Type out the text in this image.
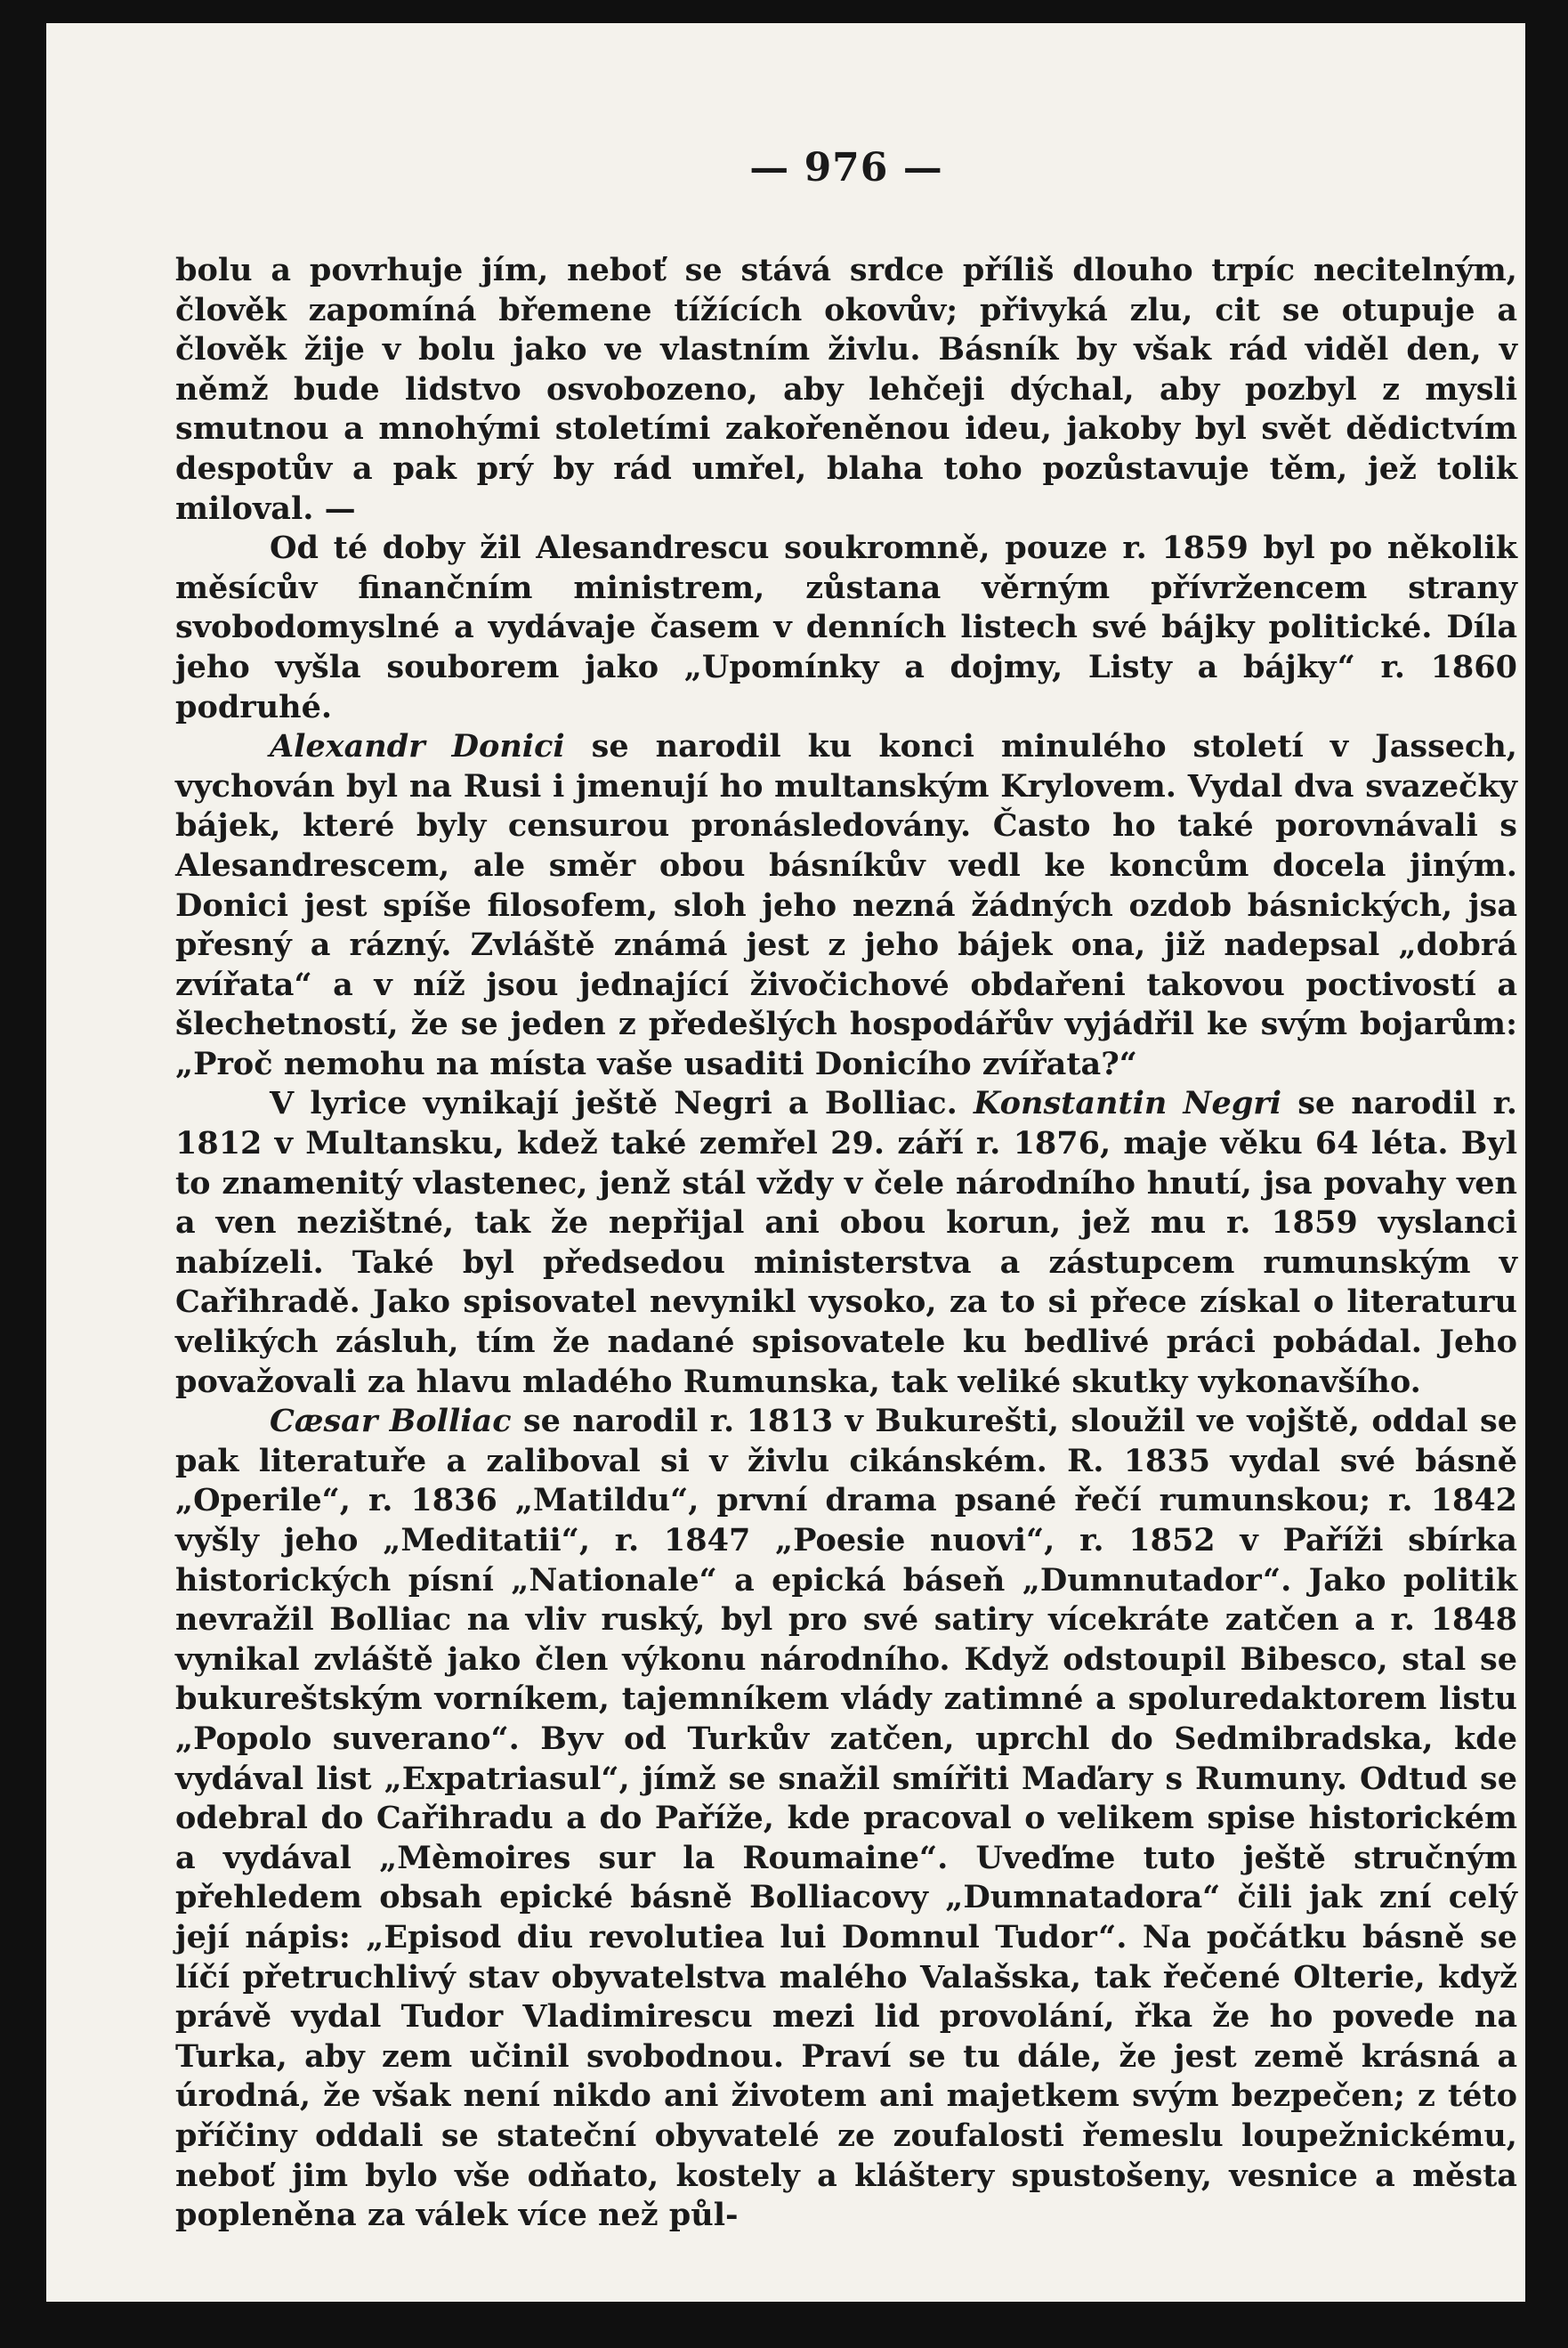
— 976 —

bolu a povrhuje jím, neboť se stává srdce příliš dlouho trpíc necitelným, člověk zapomíná břemene tížících okovův; přivyká zlu, cit se otupuje a člověk žije v bolu jako ve vlastním živlu. Básník by však rád viděl den, v němž bude lidstvo osvobozeno, aby lehčeji dýchal, aby pozbyl z mysli smutnou a mnohými stoletími zakořeněnou ideu, jakoby byl svět dědictvím despotův a pak prý by rád umřel, blaha toho pozůstavuje těm, jež tolik miloval. —

Od té doby žil Alesandrescu soukromně, pouze r. 1859 byl po několik měsícův finančním ministrem, zůstana věrným přívržencem strany svobodomyslné a vydávaje časem v denních listech své bájky politické. Díla jeho vyšla souborem jako „Upomínky a dojmy, Listy a bájky“ r. 1860 podruhé.

Alexandr Donici se narodil ku konci minulého století v Jassech, vychován byl na Rusi i jmenují ho multanským Krylovem. Vydal dva svazečky bájek, které byly censurou pronásledovány. Často ho také porovnávali s Alesandrescem, ale směr obou básníkův vedl ke koncům docela jiným. Donici jest spíše filosofem, sloh jeho nezná žádných ozdob básnických, jsa přesný a rázný. Zvláště známá jest z jeho bájek ona, již nadepsal „dobrá zvířata“ a v níž jsou jednající živočichové obdařeni takovou poctivostí a šlechetností, že se jeden z předešlých hospodářův vyjádřil ke svým bojarům: „Proč nemohu na místa vaše usaditi Donicího zvířata?“

V lyrice vynikají ještě Negri a Bolliac. Konstantin Negri se narodil r. 1812 v Multansku, kdež také zemřel 29. září r. 1876, maje věku 64 léta. Byl to znamenitý vlastenec, jenž stál vždy v čele národního hnutí, jsa povahy ven a ven nezištné, tak že nepřijal ani obou korun, jež mu r. 1859 vyslanci nabízeli. Také byl předsedou ministerstva a zástupcem rumunským v Cařihradě. Jako spisovatel nevynikl vysoko, za to si přece získal o literaturu velikých zásluh, tím že nadané spisovatele ku bedlivé práci pobádal. Jeho považovali za hlavu mladého Rumunska, tak veliké skutky vykonavšího.

Cæsar Bolliac se narodil r. 1813 v Bukurešti, sloužil ve vojště, oddal se pak literatuře a zaliboval si v živlu cikánském. R. 1835 vydal své básně „Operile“, r. 1836 „Matildu“, první drama psané řečí rumunskou; r. 1842 vyšly jeho „Meditatii“, r. 1847 „Poesie nuovi“, r. 1852 v Paříži sbírka historických písní „Nationale“ a epická báseň „Dumnutador“. Jako politik nevražil Bolliac na vliv ruský, byl pro své satiry vícekráte zatčen a r. 1848 vynikal zvláště jako člen výkonu národního. Když odstoupil Bibesco, stal se bukureštským vorníkem, tajemníkem vlády zatimné a spoluredaktorem listu „Popolo suverano“. Byv od Turkův zatčen, uprchl do Sedmibradska, kde vydával list „Expatriasul“, jímž se snažil smířiti Maďary s Rumuny. Odtud se odebral do Cařihradu a do Paříže, kde pracoval o velikem spise historickém a vydával „Mèmoires sur la Roumaine“. Uveďme tuto ještě stručným přehledem obsah epické básně Bolliacovy „Dumnatadora“ čili jak zní celý její nápis: „Episod diu revolutiea lui Domnul Tudor“. Na počátku básně se líčí přetruchlivý stav obyvatelstva malého Valašska, tak řečené Olterie, když právě vydal Tudor Vladimirescu mezi lid provolání, řka že ho povede na Turka, aby zem učinil svobodnou. Praví se tu dále, že jest země krásná a úrodná, že však není nikdo ani životem ani majetkem svým bezpečen; z této příčiny oddali se stateční obyvatelé ze zoufalosti řemeslu loupežnickému, neboť jim bylo vše odňato, kostely a kláštery spustošeny, vesnice a města popleněna za válek více než půl-
